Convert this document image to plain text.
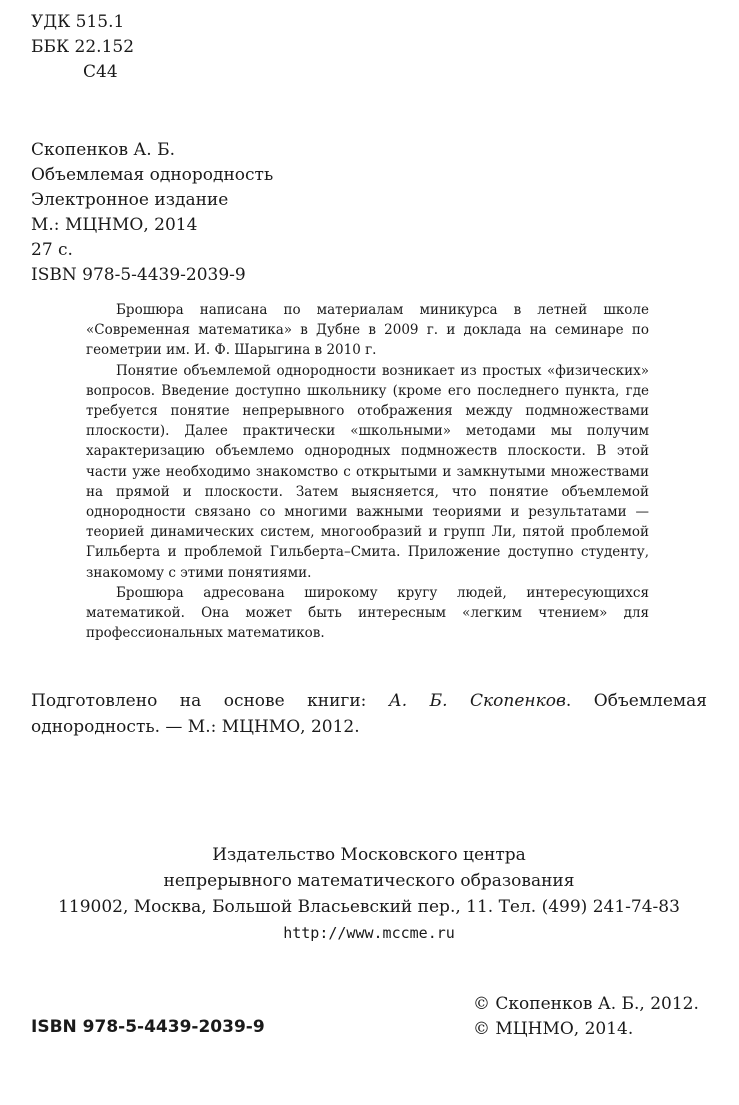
УДК 515.1
ББК 22.152
С44
Скопенков А. Б.
Объемлемая однородность
Электронное издание
М.: МЦНМО, 2014
27 с.
ISBN 978-5-4439-2039-9

Брошюра написана по материалам миникурса в летней школе «Современная математика» в Дубне в 2009 г. и доклада на семинаре по геометрии им. И. Ф. Шарыгина в 2010 г.

Понятие объемлемой однородности возникает из простых «физических» вопросов. Введение доступно школьнику (кроме его последнего пункта, где требуется понятие непрерывного отображения между подмножествами плоскости). Далее практически «школьными» методами мы получим характеризацию объемлемо однородных подмножеств плоскости. В этой части уже необходимо знакомство с открытыми и замкнутыми множествами на прямой и плоскости. Затем выясняется, что понятие объемлемой однородности связано со многими важными теориями и результатами — теорией динамических систем, многообразий и групп Ли, пятой проблемой Гильберта и проблемой Гильберта–Смита. Приложение доступно студенту, знакомому с этими понятиями.

Брошюра адресована широкому кругу людей, интересующихся математикой. Она может быть интересным «легким чтением» для профессиональных математиков.

Подготовлено на основе книги: А. Б. Скопенков. Объемлемая однородность. — М.: МЦНМО, 2012.
Издательство Московского центра
непрерывного математического образования
119002, Москва, Большой Власьевский пер., 11. Тел. (499) 241-74-83
http://www.mccme.ru
© Скопенков А. Б., 2012.
© МЦНМО, 2014.
ISBN 978-5-4439-2039-9
